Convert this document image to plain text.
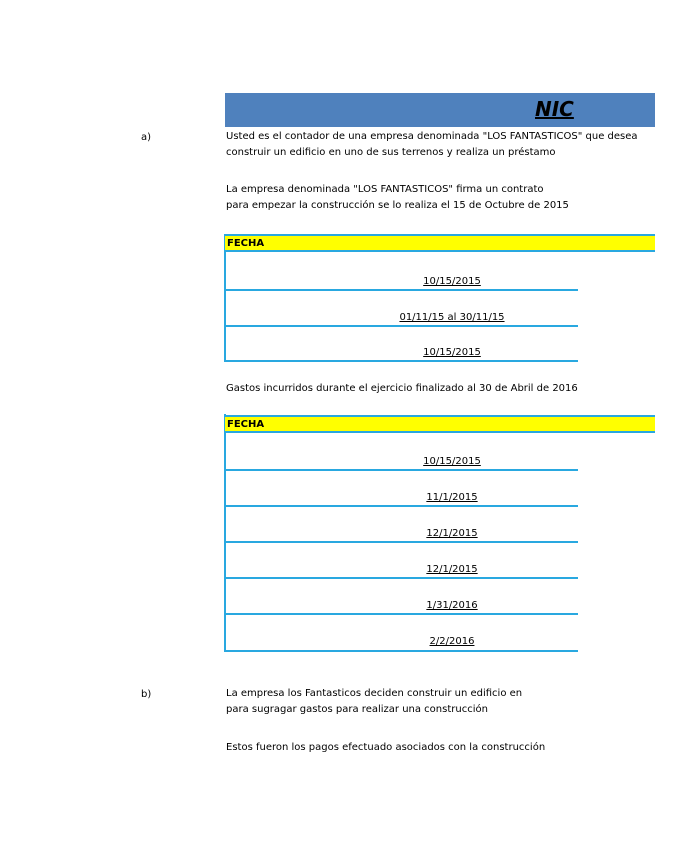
NIC
a)	Usted es el contador de una empresa denominada "LOS FANTASTICOS" que desea
construir un edificio en uno de sus terrenos y realiza un préstamo
La empresa denominada "LOS FANTASTICOS" firma un contrato
para empezar la construcción se lo realiza el 15 de Octubre de 2015
10/15/2015
01/11/15 al 30/11/15
10/15/2015
Gastos incurridos durante el ejercicio finalizado al 30 de Abril de 2016
10/15/2015
11/1/2015
12/1/2015
12/1/2015
1/31/2016
2/2/2016
b)	La empresa los Fantasticos deciden construir un edificio en
para sugragar gastos para realizar una construcción
Estos fueron los pagos efectuado asociados con la construcción
FECHA
FECHA
